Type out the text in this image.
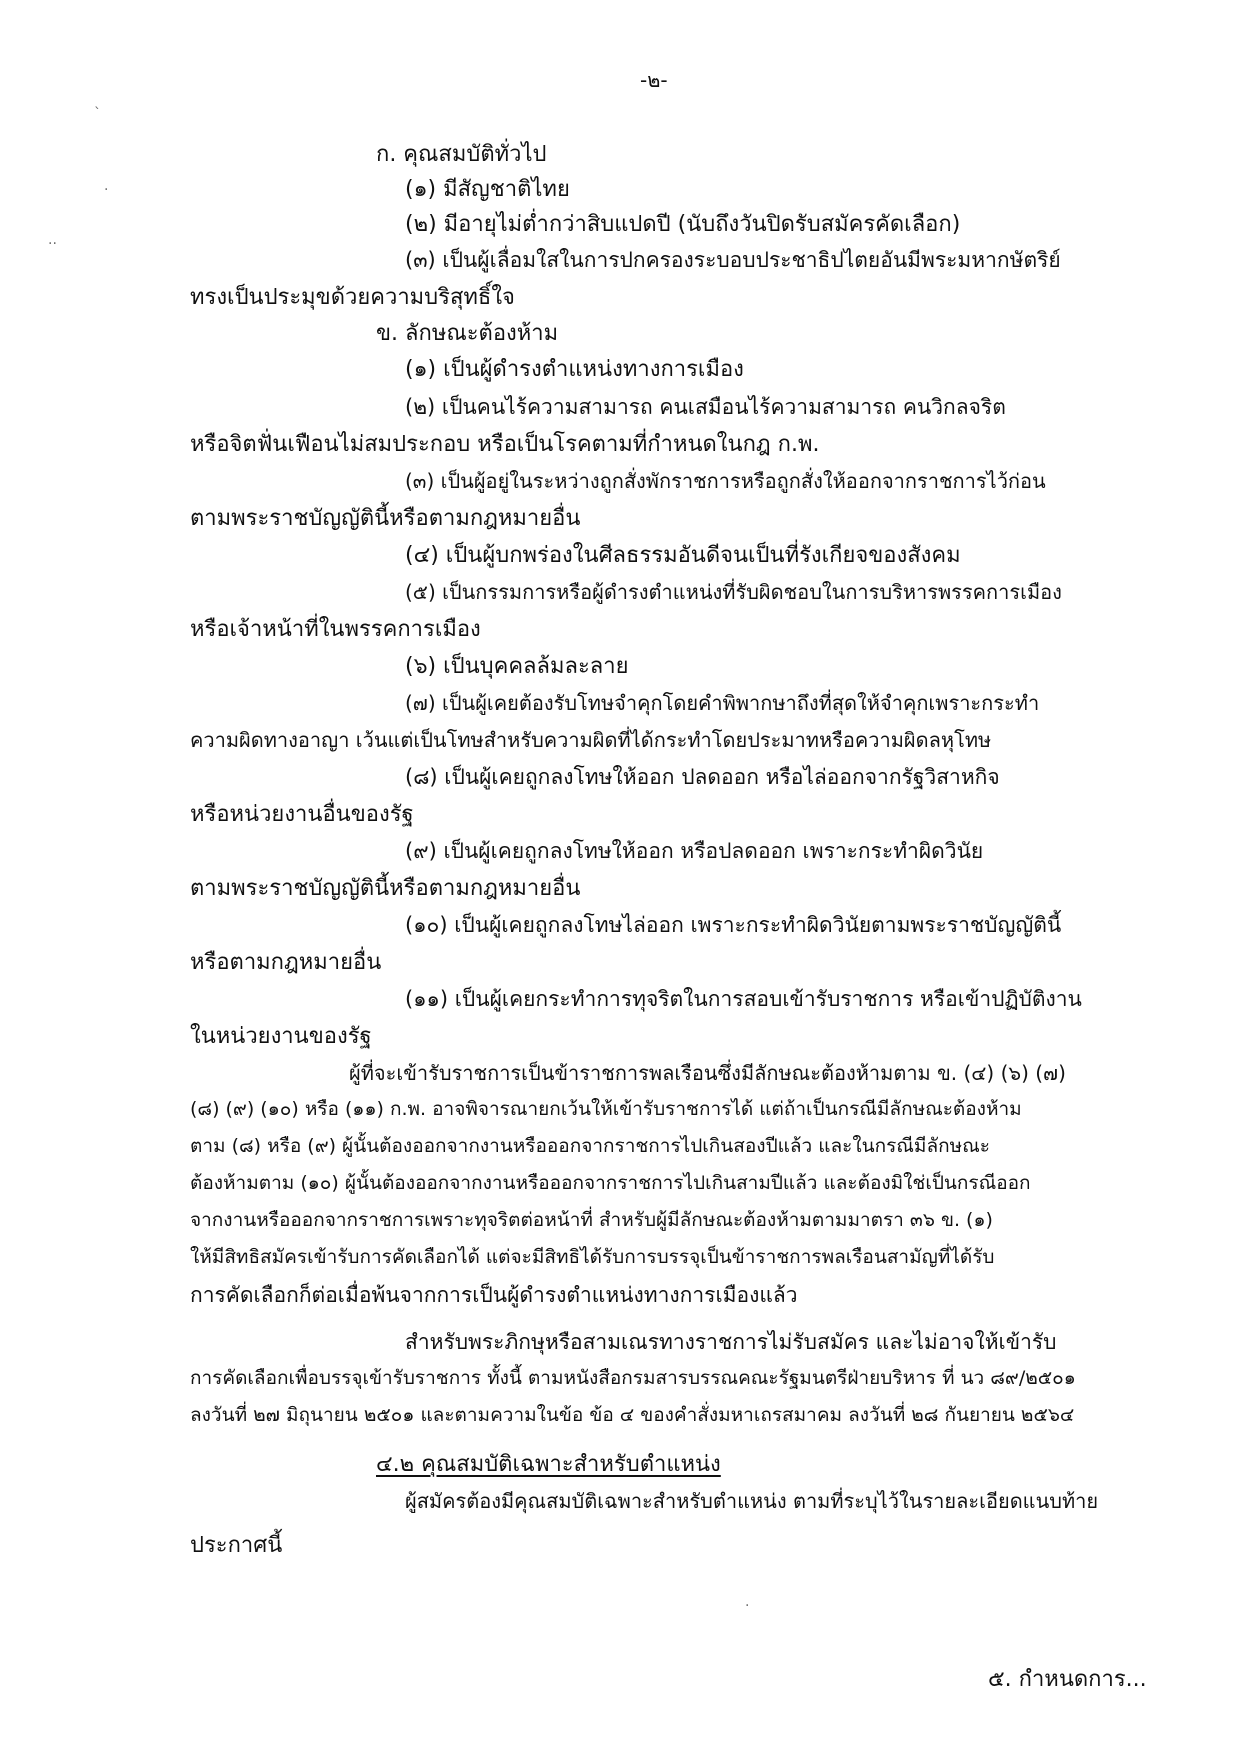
ˋ
·
··
-๒-
ก. คุณสมบัติทั่วไป
(๑) มีสัญชาติไทย
(๒) มีอายุไม่ต่ำกว่าสิบแปดปี (นับถึงวันปิดรับสมัครคัดเลือก)
(๓) เป็นผู้เลื่อมใสในการปกครองระบอบประชาธิปไตยอันมีพระมหากษัตริย์
ทรงเป็นประมุขด้วยความบริสุทธิ์ใจ
ข. ลักษณะต้องห้าม
(๑) เป็นผู้ดำรงตำแหน่งทางการเมือง
(๒) เป็นคนไร้ความสามารถ คนเสมือนไร้ความสามารถ คนวิกลจริต
หรือจิตฟั่นเฟือนไม่สมประกอบ หรือเป็นโรคตามที่กำหนดในกฎ ก.พ.
(๓) เป็นผู้อยู่ในระหว่างถูกสั่งพักราชการหรือถูกสั่งให้ออกจากราชการไว้ก่อน
ตามพระราชบัญญัตินี้หรือตามกฎหมายอื่น
(๔) เป็นผู้บกพร่องในศีลธรรมอันดีจนเป็นที่รังเกียจของสังคม
(๕) เป็นกรรมการหรือผู้ดำรงตำแหน่งที่รับผิดชอบในการบริหารพรรคการเมือง
หรือเจ้าหน้าที่ในพรรคการเมือง
(๖) เป็นบุคคลล้มละลาย
(๗) เป็นผู้เคยต้องรับโทษจำคุกโดยคำพิพากษาถึงที่สุดให้จำคุกเพราะกระทำ
ความผิดทางอาญา เว้นแต่เป็นโทษสำหรับความผิดที่ได้กระทำโดยประมาทหรือความผิดลหุโทษ
(๘) เป็นผู้เคยถูกลงโทษให้ออก ปลดออก หรือไล่ออกจากรัฐวิสาหกิจ
หรือหน่วยงานอื่นของรัฐ
(๙) เป็นผู้เคยถูกลงโทษให้ออก หรือปลดออก เพราะกระทำผิดวินัย
ตามพระราชบัญญัตินี้หรือตามกฎหมายอื่น
(๑๐) เป็นผู้เคยถูกลงโทษไล่ออก เพราะกระทำผิดวินัยตามพระราชบัญญัตินี้
หรือตามกฎหมายอื่น
(๑๑) เป็นผู้เคยกระทำการทุจริตในการสอบเข้ารับราชการ หรือเข้าปฏิบัติงาน
ในหน่วยงานของรัฐ
ผู้ที่จะเข้ารับราชการเป็นข้าราชการพลเรือนซึ่งมีลักษณะต้องห้ามตาม ข. (๔) (๖) (๗)
(๘) (๙) (๑๐) หรือ (๑๑) ก.พ. อาจพิจารณายกเว้นให้เข้ารับราชการได้ แต่ถ้าเป็นกรณีมีลักษณะต้องห้าม
ตาม (๘) หรือ (๙) ผู้นั้นต้องออกจากงานหรือออกจากราชการไปเกินสองปีแล้ว และในกรณีมีลักษณะ
ต้องห้ามตาม (๑๐) ผู้นั้นต้องออกจากงานหรือออกจากราชการไปเกินสามปีแล้ว และต้องมิใช่เป็นกรณีออก
จากงานหรือออกจากราชการเพราะทุจริตต่อหน้าที่ สำหรับผู้มีลักษณะต้องห้ามตามมาตรา ๓๖ ข. (๑)
ให้มีสิทธิสมัครเข้ารับการคัดเลือกได้ แต่จะมีสิทธิได้รับการบรรจุเป็นข้าราชการพลเรือนสามัญที่ได้รับ
การคัดเลือกก็ต่อเมื่อพ้นจากการเป็นผู้ดำรงตำแหน่งทางการเมืองแล้ว
สำหรับพระภิกษุหรือสามเณรทางราชการไม่รับสมัคร และไม่อาจให้เข้ารับ
การคัดเลือกเพื่อบรรจุเข้ารับราชการ ทั้งนี้ ตามหนังสือกรมสารบรรณคณะรัฐมนตรีฝ่ายบริหาร ที่ นว ๘๙/๒๕๐๑
ลงวันที่ ๒๗ มิถุนายน ๒๕๐๑ และตามความในข้อ ข้อ ๔ ของคำสั่งมหาเถรสมาคม ลงวันที่ ๒๘ กันยายน ๒๕๖๔
๔.๒ คุณสมบัติเฉพาะสำหรับตำแหน่ง
ผู้สมัครต้องมีคุณสมบัติเฉพาะสำหรับตำแหน่ง ตามที่ระบุไว้ในรายละเอียดแนบท้าย
ประกาศนี้
·
๕. กำหนดการ...
